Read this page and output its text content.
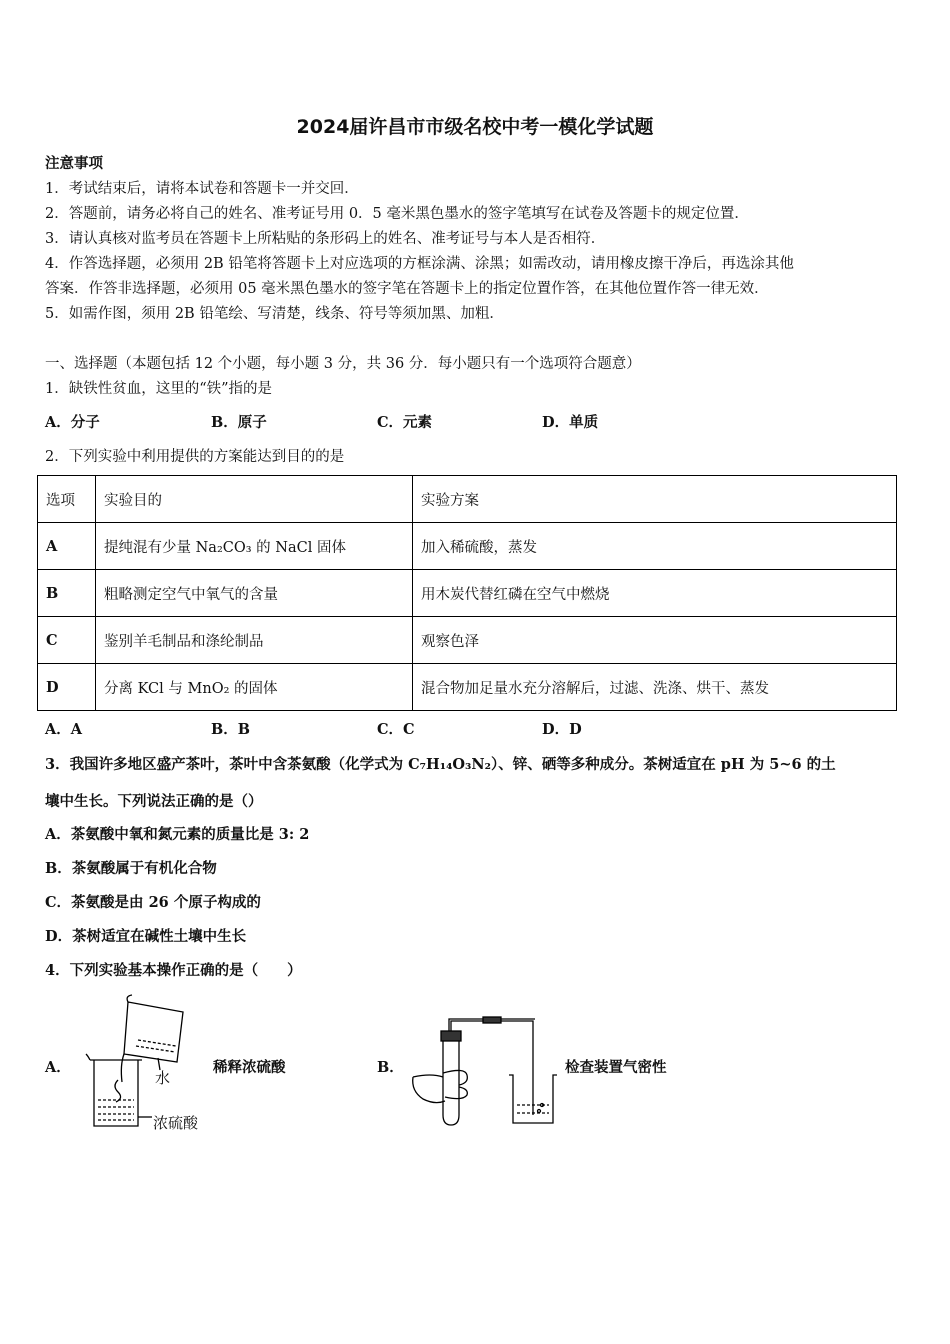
2024届许昌市市级名校中考一模化学试题
注意事项
1．考试结束后，请将本试卷和答题卡一并交回．
2．答题前，请务必将自己的姓名、准考证号用 0．5 毫米黑色墨水的签字笔填写在试卷及答题卡的规定位置．
3．请认真核对监考员在答题卡上所粘贴的条形码上的姓名、准考证号与本人是否相符．
4．作答选择题，必须用 2B 铅笔将答题卡上对应选项的方框涂满、涂黑；如需改动，请用橡皮擦干净后，再选涂其他
答案．作答非选择题，必须用 05 毫米黑色墨水的签字笔在答题卡上的指定位置作答，在其他位置作答一律无效．
5．如需作图，须用 2B 铅笔绘、写清楚，线条、符号等须加黑、加粗．
一、选择题（本题包括 12 个小题，每小题 3 分，共 36 分．每小题只有一个选项符合题意）
1．缺铁性贫血，这里的“铁”指的是
A．分子	B．原子	C．元素	D．单质
2．下列实验中利用提供的方案能达到目的的是
选项	实验目的	实验方案
A	提纯混有少量 Na₂CO₃ 的 NaCl 固体	加入稀硫酸，蒸发
B	粗略测定空气中氧气的含量	用木炭代替红磷在空气中燃烧
C	鉴别羊毛制品和涤纶制品	观察色泽
D	分离 KCl 与 MnO₂ 的固体	混合物加足量水充分溶解后，过滤、洗涤、烘干、蒸发
A．A	B．B	C．C	D．D
3．我国许多地区盛产茶叶，茶叶中含茶氨酸（化学式为 C₇H₁₄O₃N₂）、锌、硒等多种成分。茶树适宜在 pH 为 5~6 的土
壤中生长。下列说法正确的是（）
A．茶氨酸中氧和氮元素的质量比是 3: 2
B．茶氨酸属于有机化合物
C．茶氨酸是由 26 个原子构成的
D．茶树适宜在碱性土壤中生长
4．下列实验基本操作正确的是（　　）
A．
水
浓硫酸
稀释浓硫酸	B．	检查装置气密性
